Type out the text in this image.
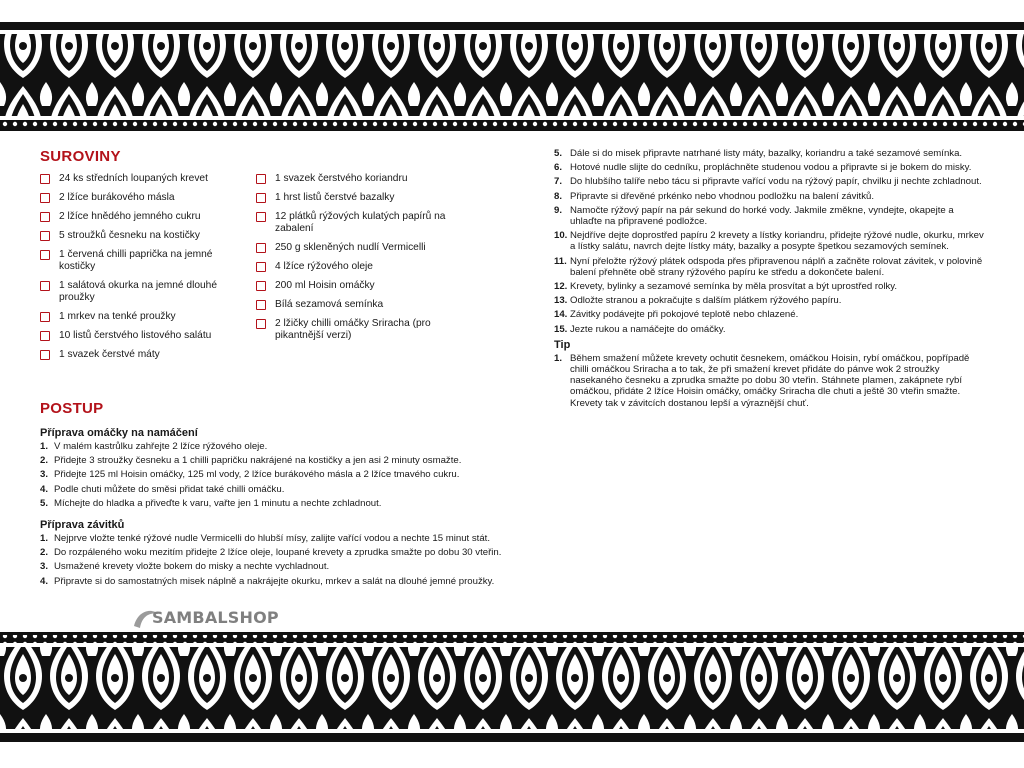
SUROVINY
24 ks středních loupaných krevet
2 lžíce burákového másla
2 lžíce hnědého jemného cukru
5 stroužků česneku na kostičky
1 červená chilli paprička na jemné kostičky
1 salátová okurka na jemné dlouhé proužky
1 mrkev na tenké proužky
10 listů čerstvého listového salátu
1 svazek čerstvé máty
1 svazek čerstvého koriandru
1 hrst listů čerstvé bazalky
12 plátků rýžových kulatých papírů na zabalení
250 g skleněných nudlí Vermicelli
4 lžíce rýžového oleje
200 ml Hoisin omáčky
Bílá sezamová semínka
2 lžičky chilli omáčky Sriracha (pro pikantnější verzi)
POSTUP
Příprava omáčky na namáčení
1. V malém kastrůlku zahřejte 2 lžíce rýžového oleje.
2. Přidejte 3 stroužky česneku a 1 chilli papričku nakrájené na kostičky a jen asi 2 minuty osmažte.
3. Přidejte 125 ml Hoisin omáčky, 125 ml vody, 2 lžíce burákového másla a 2 lžíce tmavého cukru.
4. Podle chuti můžete do směsi přidat také chilli omáčku.
5. Míchejte do hladka a přiveďte k varu, vařte jen 1 minutu a nechte zchladnout.
Příprava závitků
1. Nejprve vložte tenké rýžové nudle Vermicelli do hlubší mísy, zalijte vařící vodou a nechte 15 minut stát.
2. Do rozpáleného woku mezitím přidejte 2 lžíce oleje, loupané krevety a zprudka smažte po dobu 30 vteřin.
3. Usmažené krevety vložte bokem do misky a nechte vychladnout.
4. Připravte si do samostatných misek náplně a nakrájejte okurku, mrkev a salát na dlouhé jemné proužky.
5. Dále si do misek připravte natrhané listy máty, bazalky, koriandru a také sezamové semínka.
6. Hotové nudle slijte do cedníku, propláchněte studenou vodou a připravte si je bokem do misky.
7. Do hlubšího talíře nebo tácu si připravte vařící vodu na rýžový papír, chvilku ji nechte zchladnout.
8. Připravte si dřevěné prkénko nebo vhodnou podložku na balení závitků.
9. Namočte rýžový papír na pár sekund do horké vody. Jakmile změkne, vyndejte, okapejte a uhlaďte na připravené podložce.
10. Nejdříve dejte doprostřed papíru 2 krevety a lístky koriandru, přidejte rýžové nudle, okurku, mrkev a lístky salátu, navrch dejte lístky máty, bazalky a posypte špetkou sezamových semínek.
11. Nyní přeložte rýžový plátek odspoda přes připravenou náplň a začněte rolovat závitek, v polovině balení přehněte obě strany rýžového papíru ke středu a dokončete balení.
12. Krevety, bylinky a sezamové semínka by měla prosvítat a být uprostřed rolky.
13. Odložte stranou a pokračujte s dalším plátkem rýžového papíru.
14. Závitky podávejte při pokojové teplotě nebo chlazené.
15. Jezte rukou a namáčejte do omáčky.
Tip
1. Během smažení můžete krevety ochutit česnekem, omáčkou Hoisin, rybí omáčkou, popřípadě chilli omáčkou Sriracha a to tak, že při smažení krevet přidáte do pánve wok 2 stroužky nasekaného česneku a zprudka smažte po dobu 30 vteřin. Stáhnete plamen, zakápnete rybí omáčkou, přidáte 2 lžíce Hoisin omáčky, omáčky Sriracha dle chuti a ještě 30 vteřin smažte. Krevety tak v závitcích dostanou lepší a výraznější chuť.
SAMBALSHOP
